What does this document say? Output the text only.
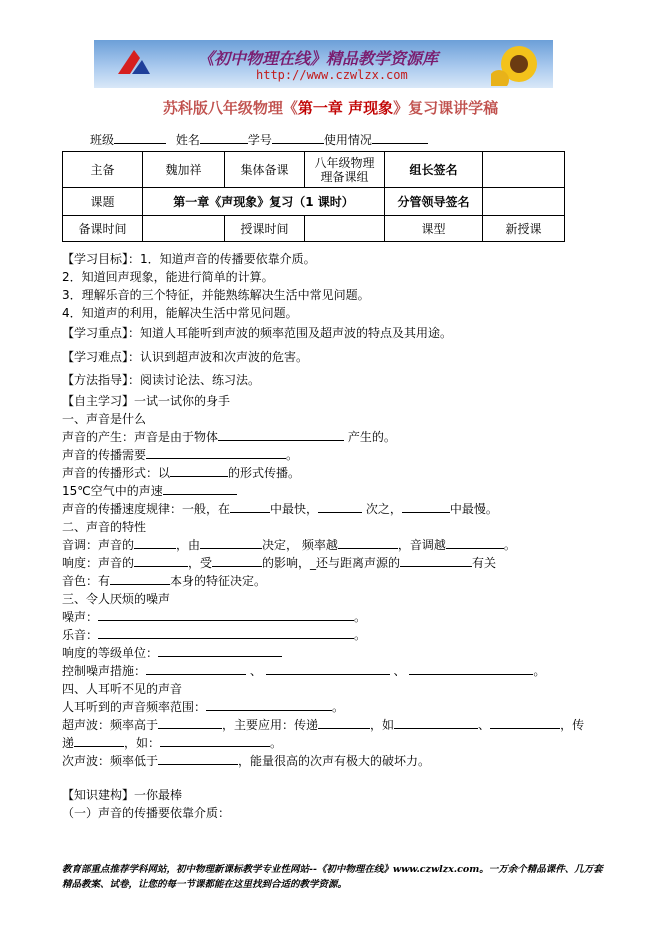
《初中物理在线》精品教学资源库
http://www.czwlzx.com
苏科版八年级物理《第一章 声现象》复习课讲学稿
班级	姓名	学号	使用情况
主备	魏加祥	集体备课	八年级物理理备课组	组长签名	
课题	第一章《声现象》复习（1 课时）			分管领导签名	
备课时间		授课时间		课型	新授课
【学习目标】：1．知道声音的传播要依靠介质。
2．知道回声现象，能进行简单的计算。
3．理解乐音的三个特征，并能熟练解决生活中常见问题。
4．知道声的利用，能解决生活中常见问题。
【学习重点】：知道人耳能听到声波的频率范围及超声波的特点及其用途。
【学习难点】：认识到超声波和次声波的危害。
【方法指导】：阅读讨论法、练习法。
【自主学习】一试一试你的身手
一、声音是什么
声音的产生：声音是由于物体	产生的。
声音的传播需要	。
声音的传播形式：以	的形式传播。
15℃空气中的声速
声音的传播速度规律：一般，在	中最快，	次之，	中最慢。
二、声音的特性
音调：声音的	，由	决定， 频率越	，音调越	。
响度：声音的	，受	的影响，_还与距离声源的	有关
音色：有	本身的特征决定。
三、令人厌烦的噪声
噪声：	。
乐音：	。
响度的等级单位：
控制噪声措施：	、	、	。
四、人耳听不见的声音
人耳听到的声音频率范围：	。
超声波：频率高于	，主要应用：传递	，如	、	，传
递	，如：	。
次声波：频率低于	，能量很高的次声有极大的破坏力。
【知识建构】一你最棒
（一）声音的传播要依靠介质：
教育部重点推荐学科网站，初中物理新课标教学专业性网站--《初中物理在线》www.czwlzx.com。一万余个精品课件、几万套精品教案、试卷，让您的每一节课都能在这里找到合适的教学资源。
